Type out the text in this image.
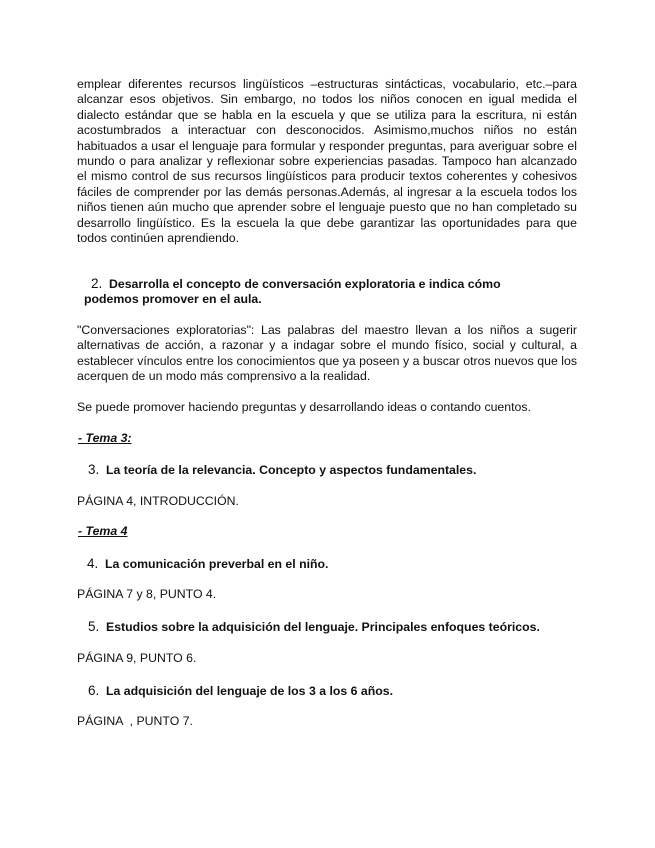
emplear diferentes recursos lingüísticos –estructuras sintácticas, vocabulario, etc.–para alcanzar esos objetivos. Sin embargo, no todos los niños conocen en igual medida el dialecto estándar que se habla en la escuela y que se utiliza para la escritura, ni están acostumbrados a interactuar con desconocidos. Asimismo,muchos niños no están habituados a usar el lenguaje para formular y responder preguntas, para averiguar sobre el mundo o para analizar y reflexionar sobre experiencias pasadas. Tampoco han alcanzado el mismo control de sus recursos lingüísticos para producir textos coherentes y cohesivos fáciles de comprender por las demás personas.Además, al ingresar a la escuela todos los niños tienen aún mucho que aprender sobre el lenguaje puesto que no han completado su desarrollo lingüístico. Es la escuela la que debe garantizar las oportunidades para que todos continúen aprendiendo.

2. Desarrolla el concepto de conversación exploratoria e indica cómo
podemos promover en el aula.

"Conversaciones exploratorias": Las palabras del maestro llevan a los niños a sugerir alternativas de acción, a razonar y a indagar sobre el mundo físico, social y cultural, a establecer vínculos entre los conocimientos que ya poseen y a buscar otros nuevos que los acerquen de un modo más comprensivo a la realidad.

Se puede promover haciendo preguntas y desarrollando ideas o contando cuentos.

- Tema 3:

3. La teoría de la relevancia. Concepto y aspectos fundamentales.

PÁGINA 4, INTRODUCCIÓN.

- Tema 4

4. La comunicación preverbal en el niño.

PÁGINA 7 y 8, PUNTO 4.

5. Estudios sobre la adquisición del lenguaje. Principales enfoques teóricos.

PÁGINA 9, PUNTO 6.

6. La adquisición del lenguaje de los 3 a los 6 años.

PÁGINA  , PUNTO 7.
